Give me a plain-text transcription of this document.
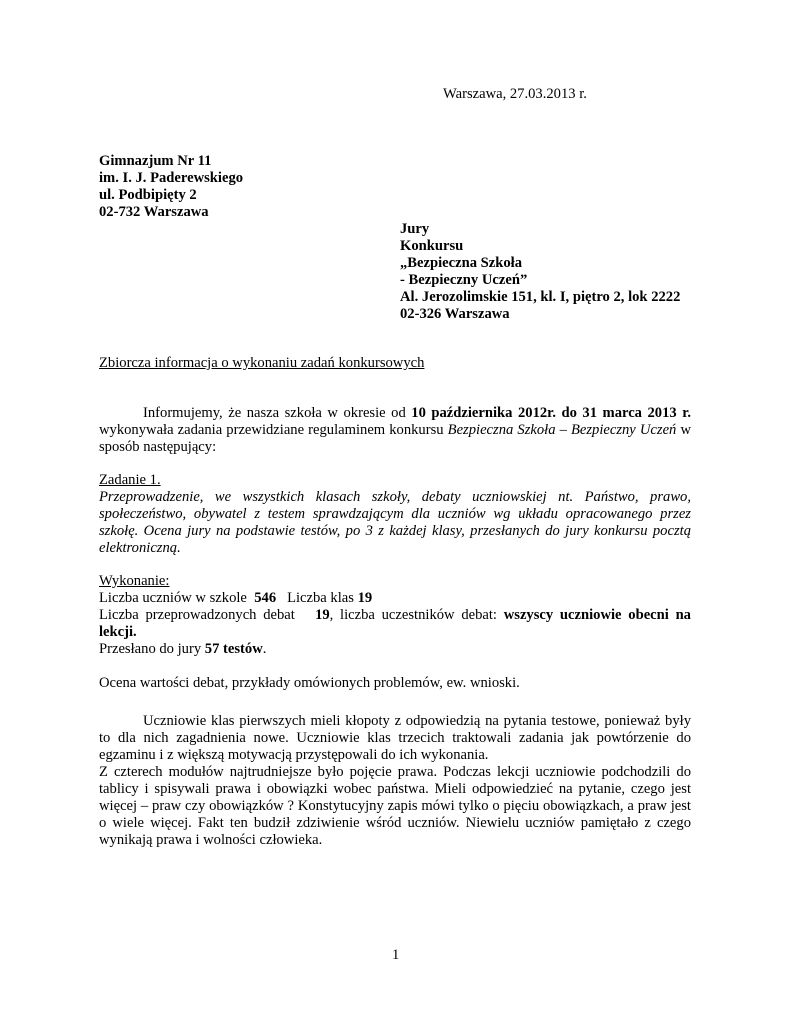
Warszawa, 27.03.2013 r.
Gimnazjum Nr 11
im. I. J. Paderewskiego
ul. Podbipięty 2
02-732 Warszawa
Jury
Konkursu
„Bezpieczna Szkoła
- Bezpieczny Uczeń”
Al. Jerozolimskie 151, kl. I, piętro 2, lok 2222
02-326 Warszawa
Zbiorcza informacja o wykonaniu zadań konkursowych
Informujemy, że nasza szkoła w okresie od 10 października 2012r. do 31 marca 2013 r.
wykonywała zadania przewidziane regulaminem konkursu Bezpieczna Szkoła – Bezpieczny Uczeń w
sposób następujący:
Zadanie 1.
Przeprowadzenie, we wszystkich klasach szkoły, debaty uczniowskiej nt. Państwo, prawo,
społeczeństwo, obywatel z testem sprawdzającym dla uczniów wg układu opracowanego przez
szkołę. Ocena jury na podstawie testów, po 3 z każdej klasy, przesłanych do jury konkursu pocztą
elektroniczną.
Wykonanie:
Liczba uczniów w szkole  546 Liczba klas 19
Liczba przeprowadzonych debat   19, liczba uczestników debat: wszyscy uczniowie obecni na
lekcji.
Przesłano do jury 57 testów.
Ocena wartości debat, przykłady omówionych problemów, ew. wnioski.
Uczniowie klas pierwszych mieli kłopoty z odpowiedzią na pytania testowe, ponieważ były
to dla nich zagadnienia nowe. Uczniowie klas trzecich traktowali zadania jak powtórzenie do
egzaminu i z większą motywacją przystępowali do ich wykonania.
Z czterech modułów najtrudniejsze było pojęcie prawa. Podczas lekcji uczniowie podchodzili do
tablicy i spisywali prawa i obowiązki wobec państwa. Mieli odpowiedzieć na pytanie, czego jest
więcej – praw czy obowiązków ? Konstytucyjny zapis mówi tylko o pięciu obowiązkach, a praw jest
o wiele więcej. Fakt ten budził zdziwienie wśród uczniów. Niewielu uczniów pamiętało z czego
wynikają prawa i wolności człowieka.
1
